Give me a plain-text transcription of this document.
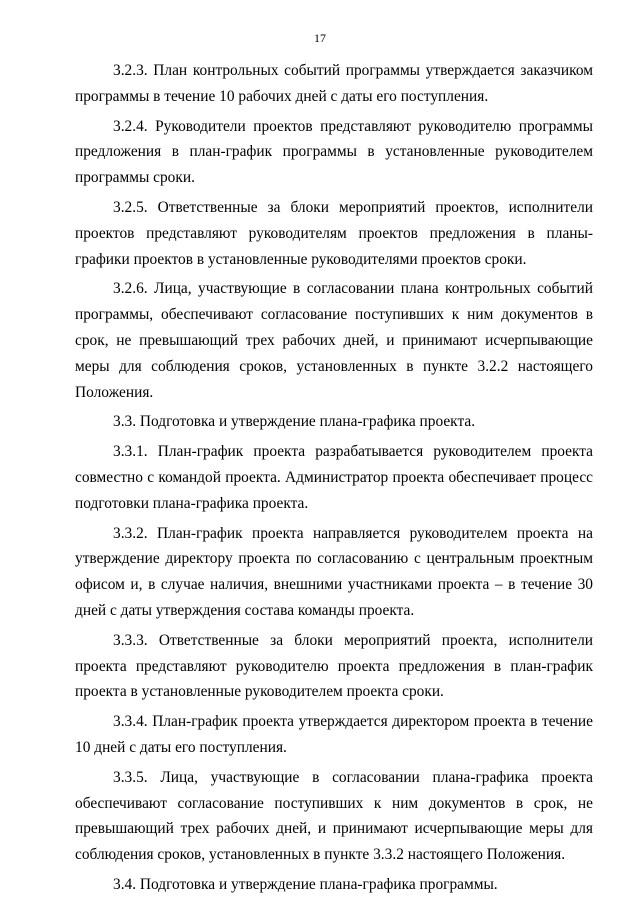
17

3.2.3. План контрольных событий программы утверждается заказчиком программы в течение 10 рабочих дней с даты его поступления.

3.2.4. Руководители проектов представляют руководителю программы предложения в план-график программы в установленные руководителем программы сроки.

3.2.5. Ответственные за блоки мероприятий проектов, исполнители проектов представляют руководителям проектов предложения в планы-графики проектов в установленные руководителями проектов сроки.

3.2.6. Лица, участвующие в согласовании плана контрольных событий программы, обеспечивают согласование поступивших к ним документов в срок, не превышающий трех рабочих дней, и принимают исчерпывающие меры для соблюдения сроков, установленных в пункте 3.2.2 настоящего Положения.

3.3. Подготовка и утверждение плана-графика проекта.

3.3.1. План-график проекта разрабатывается руководителем проекта совместно с командой проекта. Администратор проекта обеспечивает процесс подготовки плана-графика проекта.

3.3.2. План-график проекта направляется руководителем проекта на утверждение директору проекта по согласованию с центральным проектным офисом и, в случае наличия, внешними участниками проекта – в течение 30 дней с даты утверждения состава команды проекта.

3.3.3. Ответственные за блоки мероприятий проекта, исполнители проекта представляют руководителю проекта предложения в план-график проекта в установленные руководителем проекта сроки.

3.3.4. План-график проекта утверждается директором проекта в течение 10 дней с даты его поступления.

3.3.5. Лица, участвующие в согласовании плана-графика проекта обеспечивают согласование поступивших к ним документов в срок, не превышающий трех рабочих дней, и принимают исчерпывающие меры для соблюдения сроков, установленных в пункте 3.3.2 настоящего Положения.

3.4. Подготовка и утверждение плана-графика программы.
